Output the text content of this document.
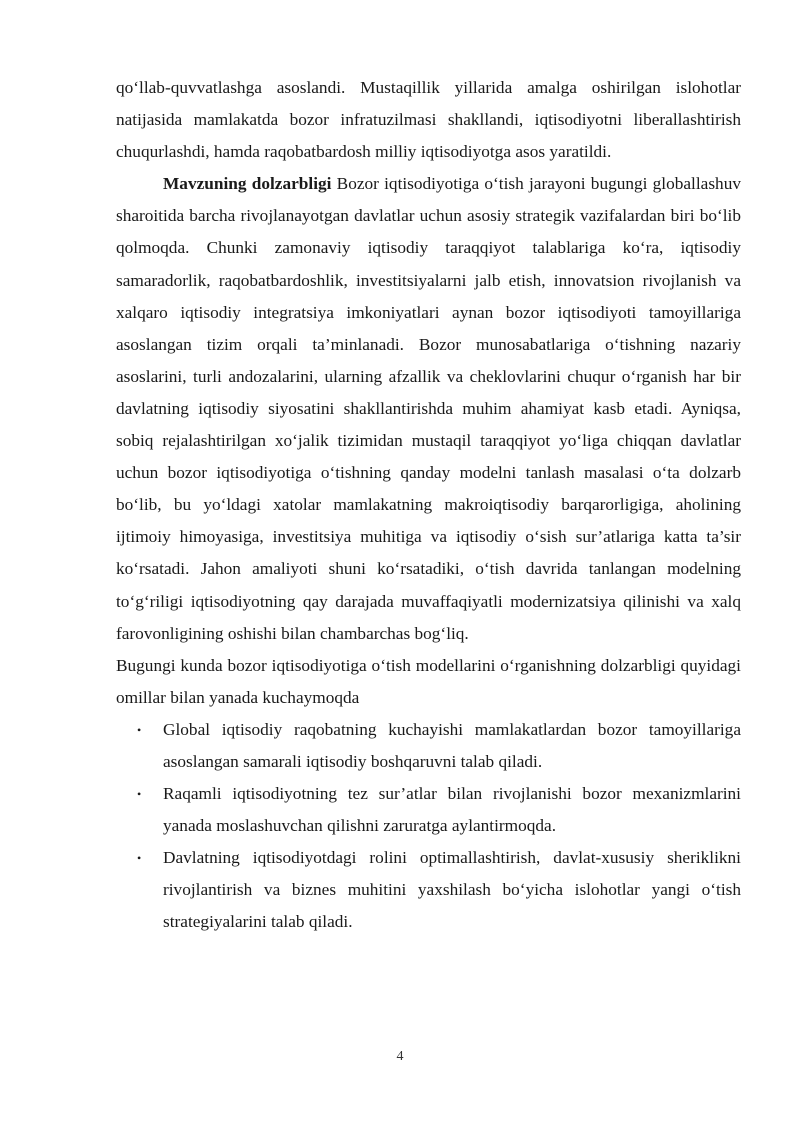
qo‘llab-quvvatlashga asoslandi. Mustaqillik yillarida amalga oshirilgan islohotlar natijasida mamlakatda bozor infratuzilmasi shakllandi, iqtisodiyotni liberallashtirish chuqurlashdi, hamda raqobatbardosh milliy iqtisodiyotga asos yaratildi.

Mavzuning dolzarbligi Bozor iqtisodiyotiga o‘tish jarayoni bugungi globallashuv sharoitida barcha rivojlanayotgan davlatlar uchun asosiy strategik vazifalardan biri bo‘lib qolmoqda. Chunki zamonaviy iqtisodiy taraqqiyot talablariga ko‘ra, iqtisodiy samaradorlik, raqobatbardoshlik, investitsiyalarni jalb etish, innovatsion rivojlanish va xalqaro iqtisodiy integratsiya imkoniyatlari aynan bozor iqtisodiyoti tamoyillariga asoslangan tizim orqali ta’minlanadi. Bozor munosabatlariga o‘tishning nazariy asoslarini, turli andozalarini, ularning afzallik va cheklovlarini chuqur o‘rganish har bir davlatning iqtisodiy siyosatini shakllantirishda muhim ahamiyat kasb etadi. Ayniqsa, sobiq rejalashtirilgan xo‘jalik tizimidan mustaqil taraqqiyot yo‘liga chiqqan davlatlar uchun bozor iqtisodiyotiga o‘tishning qanday modelni tanlash masalasi o‘ta dolzarb bo‘lib, bu yo‘ldagi xatolar mamlakatning makroiqtisodiy barqarorligiga, aholining ijtimoiy himoyasiga, investitsiya muhitiga va iqtisodiy o‘sish sur’atlariga katta ta’sir ko‘rsatadi. Jahon amaliyoti shuni ko‘rsatadiki, o‘tish davrida tanlangan modelning to‘g‘riligi iqtisodiyotning qay darajada muvaffaqiyatli modernizatsiya qilinishi va xalq farovonligining oshishi bilan chambarchas bog‘liq.

Bugungi kunda bozor iqtisodiyotiga o‘tish modellarini o‘rganishning dolzarbligi quyidagi omillar bilan yanada kuchaymoqda

• Global iqtisodiy raqobatning kuchayishi mamlakatlardan bozor tamoyillariga asoslangan samarali iqtisodiy boshqaruvni talab qiladi.
• Raqamli iqtisodiyotning tez sur’atlar bilan rivojlanishi bozor mexanizmlarini yanada moslashuvchan qilishni zaruratga aylantirmoqda.
• Davlatning iqtisodiyotdagi rolini optimallashtirish, davlat-xususiy sheriklikni rivojlantirish va biznes muhitini yaxshilash bo‘yicha islohotlar yangi o‘tish strategiyalarini talab qiladi.
4
